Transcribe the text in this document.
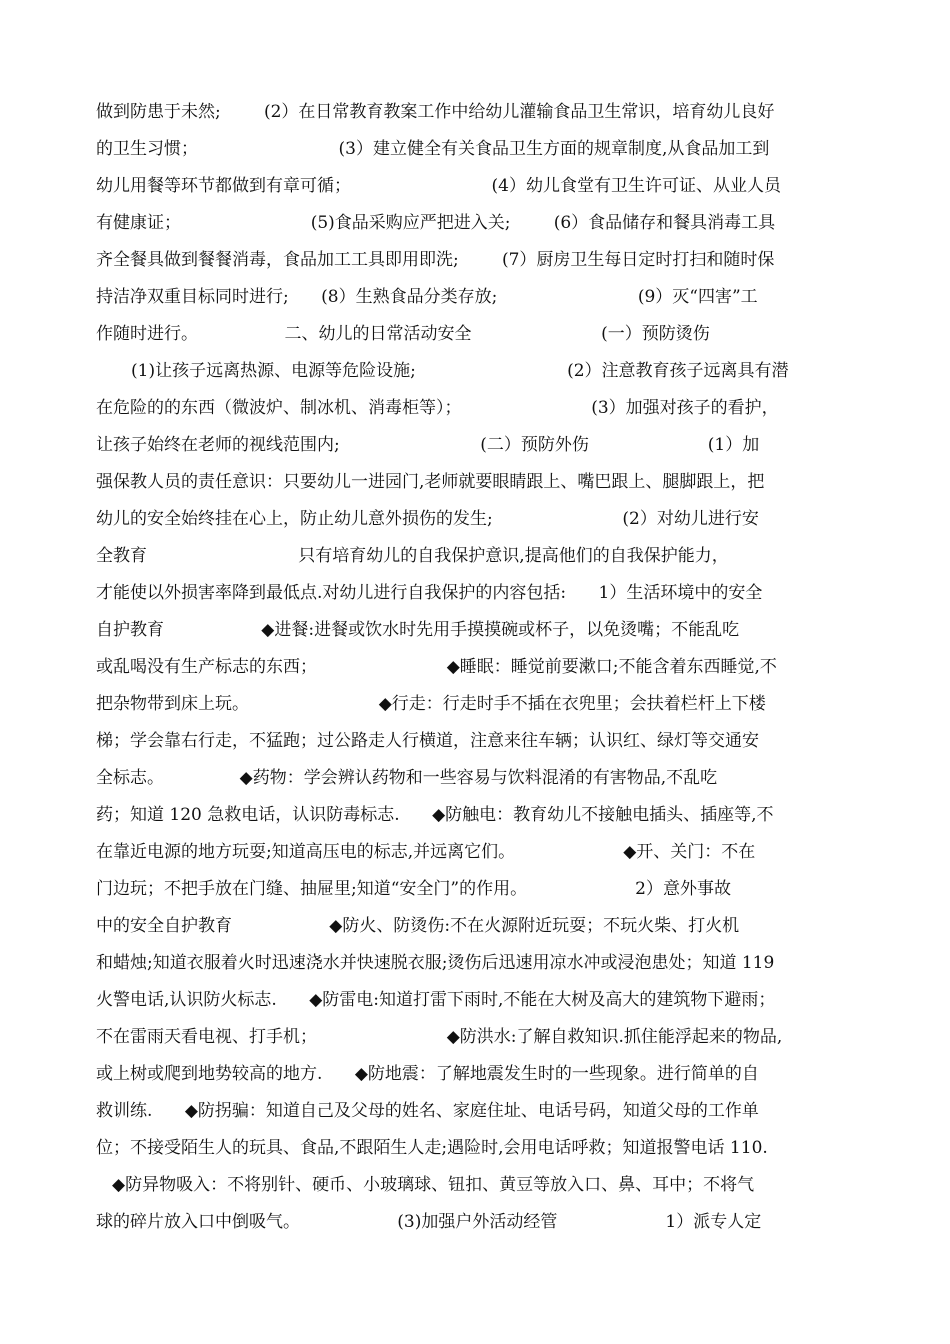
做到防患于未然;        (2）在日常教育教案工作中给幼儿灌输食品卫生常识，培育幼儿良好
的卫生习惯；                          (3）建立健全有关食品卫生方面的规章制度,从食品加工到
幼儿用餐等环节都做到有章可循；                          (4）幼儿食堂有卫生许可证、从业人员
有健康证；                        (5)食品采购应严把进入关;        (6）食品储存和餐具消毒工具
齐全餐具做到餐餐消毒，食品加工工具即用即洗;        (7）厨房卫生每日定时打扫和随时保
持洁净双重目标同时进行;      (8）生熟食品分类存放;                          (9）灭“四害”工
作随时进行。                二、幼儿的日常活动安全                        (一）预防烫伤
(1)让孩子远离热源、电源等危险设施;                            (2）注意教育孩子远离具有潜
在危险的的东西（微波炉、制冰机、消毒柜等）；                        (3）加强对孩子的看护，
让孩子始终在老师的视线范围内;                          (二）预防外伤                      (1）加
强保教人员的责任意识：只要幼儿一进园门,老师就要眼睛跟上、嘴巴跟上、腿脚跟上，把
幼儿的安全始终挂在心上，防止幼儿意外损伤的发生;                        (2）对幼儿进行安
全教育                            只有培育幼儿的自我保护意识,提高他们的自我保护能力，
才能使以外损害率降到最低点.对幼儿进行自我保护的内容包括:      1）生活环境中的安全
自护教育                  ◆进餐:进餐或饮水时先用手摸摸碗或杯子，以免烫嘴；不能乱吃
或乱喝没有生产标志的东西；                        ◆睡眠：睡觉前要漱口;不能含着东西睡觉,不
把杂物带到床上玩。                        ◆行走：行走时手不插在衣兜里；会扶着栏杆上下楼
梯；学会靠右行走，不猛跑；过公路走人行横道，注意来往车辆；认识红、绿灯等交通安
全标志。              ◆药物：学会辨认药物和一些容易与饮料混淆的有害物品,不乱吃
药；知道 120 急救电话，认识防毒标志.      ◆防触电：教育幼儿不接触电插头、插座等,不
在靠近电源的地方玩耍;知道高压电的标志,并远离它们。                    ◆开、关门：不在
门边玩；不把手放在门缝、抽屉里;知道“安全门”的作用。                    2）意外事故
中的安全自护教育                  ◆防火、防烫伤:不在火源附近玩耍；不玩火柴、打火机
和蜡烛;知道衣服着火时迅速浇水并快速脱衣服;烫伤后迅速用凉水冲或浸泡患处；知道 119
火警电话,认识防火标志.      ◆防雷电:知道打雷下雨时,不能在大树及高大的建筑物下避雨；
不在雷雨天看电视、打手机；                        ◆防洪水:了解自救知识.抓住能浮起来的物品,
或上树或爬到地势较高的地方.      ◆防地震：了解地震发生时的一些现象。进行简单的自
救训练.      ◆防拐骗：知道自己及父母的姓名、家庭住址、电话号码，知道父母的工作单
位；不接受陌生人的玩具、食品,不跟陌生人走;遇险时,会用电话呼救；知道报警电话 110.
◆防异物吸入：不将别针、硬币、小玻璃球、钮扣、黄豆等放入口、鼻、耳中；不将气
球的碎片放入口中倒吸气。                  (3)加强户外活动经管                    1）派专人定
